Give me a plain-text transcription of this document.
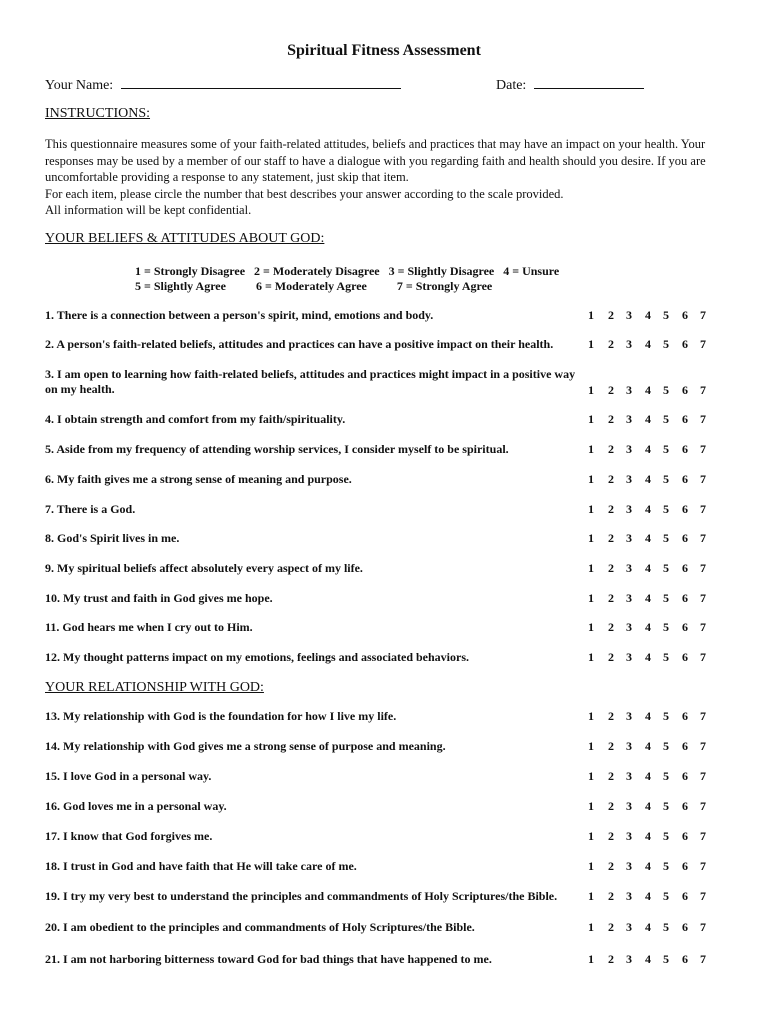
Spiritual Fitness Assessment
Your Name:	Date:
INSTRUCTIONS:

This questionnaire measures some of your faith-related attitudes, beliefs and practices that may have an impact on your health. Your responses may be used by a member of our staff to have a dialogue with you regarding faith and health should you desire. If you are uncomfortable providing a response to any statement, just skip that item.

For each item, please circle the number that best describes your answer according to the scale provided.

All information will be kept confidential.

YOUR BELIEFS & ATTITUDES ABOUT GOD:
1 = Strongly Disagree   2 = Moderately Disagree   3 = Slightly Disagree   4 = Unsure
5 = Slightly Agree          6 = Moderately Agree          7 = Strongly Agree
YOUR RELATIONSHIP WITH GOD:
1. There is a connection between a person's spirit, mind, emotions and body.	1 2 3 4 5 6 7
2. A person's faith-related beliefs, attitudes and practices can have a positive impact on their health.	1 2 3 4 5 6 7
3. I am open to learning how faith-related beliefs, attitudes and practices might impact in a positive way on my health.	1 2 3 4 5 6 7
4. I obtain strength and comfort from my faith/spirituality.	1 2 3 4 5 6 7
5. Aside from my frequency of attending worship services, I consider myself to be spiritual.	1 2 3 4 5 6 7
6. My faith gives me a strong sense of meaning and purpose.	1 2 3 4 5 6 7
7. There is a God.	1 2 3 4 5 6 7
8. God's Spirit lives in me.	1 2 3 4 5 6 7
9. My spiritual beliefs affect absolutely every aspect of my life.	1 2 3 4 5 6 7
10. My trust and faith in God gives me hope.	1 2 3 4 5 6 7
11. God hears me when I cry out to Him.	1 2 3 4 5 6 7
12. My thought patterns impact on my emotions, feelings and associated behaviors.	1 2 3 4 5 6 7
13. My relationship with God is the foundation for how I live my life.	1 2 3 4 5 6 7
14. My relationship with God gives me a strong sense of purpose and meaning.	1 2 3 4 5 6 7
15. I love God in a personal way.	1 2 3 4 5 6 7
16. God loves me in a personal way.	1 2 3 4 5 6 7
17. I know that God forgives me.	1 2 3 4 5 6 7
18. I trust in God and have faith that He will take care of me.	1 2 3 4 5 6 7
19. I try my very best to understand the principles and commandments of Holy Scriptures/the Bible.	1 2 3 4 5 6 7
20. I am obedient to the principles and commandments of Holy Scriptures/the Bible.	1 2 3 4 5 6 7
21. I am not harboring bitterness toward God for bad things that have happened to me.	1 2 3 4 5 6 7
